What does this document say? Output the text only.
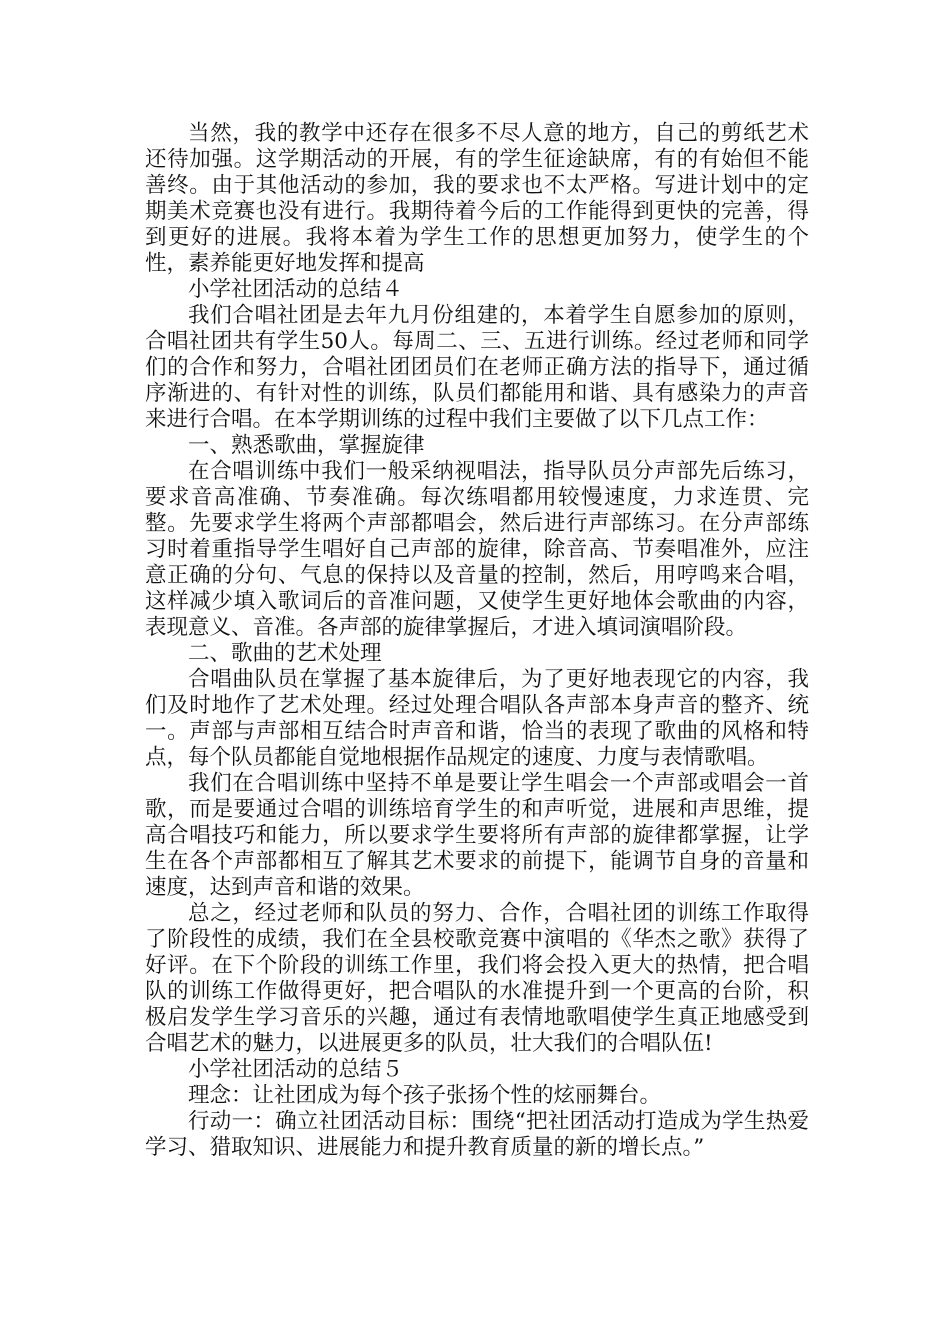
当然，我的教学中还存在很多不尽人意的地方，自己的剪纸艺术还待加强。这学期活动的开展，有的学生征途缺席，有的有始但不能善终。由于其他活动的参加，我的要求也不太严格。写进计划中的定期美术竞赛也没有进行。我期待着今后的工作能得到更快的完善，得到更好的进展。我将本着为学生工作的思想更加努力，使学生的个性，素养能更好地发挥和提高

小学社团活动的总结４

我们合唱社团是去年九月份组建的，本着学生自愿参加的原则，合唱社团共有学生50人。每周二、三、五进行训练。经过老师和同学们的合作和努力，合唱社团团员们在老师正确方法的指导下，通过循序渐进的、有针对性的训练，队员们都能用和谐、具有感染力的声音来进行合唱。在本学期训练的过程中我们主要做了以下几点工作：

一、熟悉歌曲，掌握旋律

在合唱训练中我们一般采纳视唱法，指导队员分声部先后练习，要求音高准确、节奏准确。每次练唱都用较慢速度，力求连贯、完整。先要求学生将两个声部都唱会，然后进行声部练习。在分声部练习时着重指导学生唱好自己声部的旋律，除音高、节奏唱准外，应注意正确的分句、气息的保持以及音量的控制，然后，用哼鸣来合唱，这样减少填入歌词后的音准问题，又使学生更好地体会歌曲的内容，表现意义、音准。各声部的旋律掌握后，才进入填词演唱阶段。

二、歌曲的艺术处理

合唱曲队员在掌握了基本旋律后，为了更好地表现它的内容，我们及时地作了艺术处理。经过处理合唱队各声部本身声音的整齐、统一。声部与声部相互结合时声音和谐，恰当的表现了歌曲的风格和特点，每个队员都能自觉地根据作品规定的速度、力度与表情歌唱。

我们在合唱训练中坚持不单是要让学生唱会一个声部或唱会一首歌，而是要通过合唱的训练培育学生的和声听觉，进展和声思维，提高合唱技巧和能力，所以要求学生要将所有声部的旋律都掌握，让学生在各个声部都相互了解其艺术要求的前提下，能调节自身的音量和速度，达到声音和谐的效果。

总之，经过老师和队员的努力、合作，合唱社团的训练工作取得了阶段性的成绩，我们在全县校歌竞赛中演唱的《华杰之歌》获得了好评。在下个阶段的训练工作里，我们将会投入更大的热情，把合唱队的训练工作做得更好，把合唱队的水准提升到一个更高的台阶，积极启发学生学习音乐的兴趣，通过有表情地歌唱使学生真正地感受到合唱艺术的魅力，以进展更多的队员，壮大我们的合唱队伍!

小学社团活动的总结５

理念：让社团成为每个孩子张扬个性的炫丽舞台。

行动一：确立社团活动目标：围绕“把社团活动打造成为学生热爱学习、猎取知识、进展能力和提升教育质量的新的增长点。”
